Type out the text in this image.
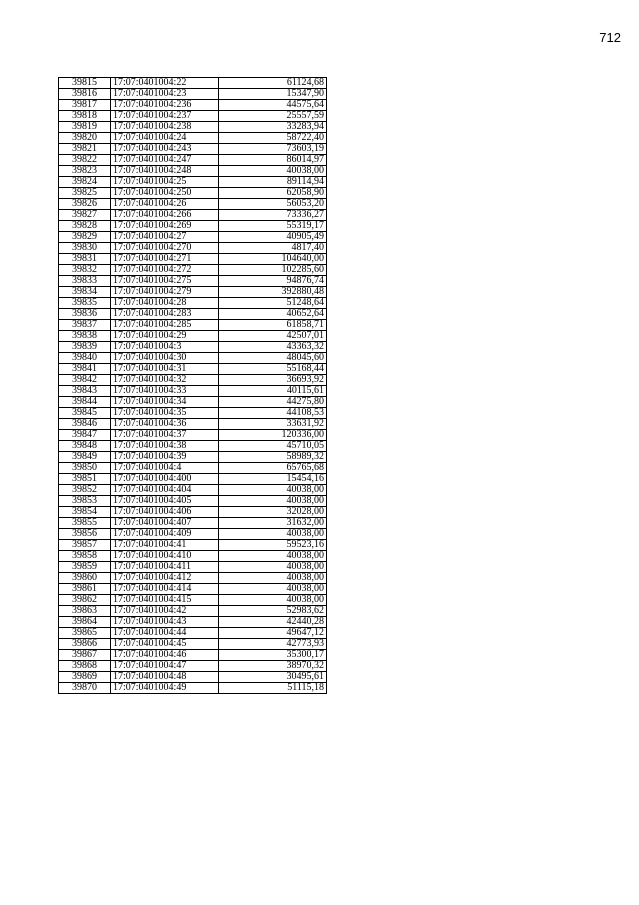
712
39815	17:07:0401004:22	61124,68
39816	17:07:0401004:23	15347,90
39817	17:07:0401004:236	44575,64
39818	17:07:0401004:237	25557,59
39819	17:07:0401004:238	33283,94
39820	17:07:0401004:24	58722,40
39821	17:07:0401004:243	73603,19
39822	17:07:0401004:247	86014,97
39823	17:07:0401004:248	40038,00
39824	17:07:0401004:25	89114,94
39825	17:07:0401004:250	62058,90
39826	17:07:0401004:26	56053,20
39827	17:07:0401004:266	73336,27
39828	17:07:0401004:269	55319,17
39829	17:07:0401004:27	40905,49
39830	17:07:0401004:270	4817,40
39831	17:07:0401004:271	104640,00
39832	17:07:0401004:272	102285,60
39833	17:07:0401004:275	94876,74
39834	17:07:0401004:279	392880,48
39835	17:07:0401004:28	51248,64
39836	17:07:0401004:283	40652,64
39837	17:07:0401004:285	61858,71
39838	17:07:0401004:29	42507,01
39839	17:07:0401004:3	43363,32
39840	17:07:0401004:30	48045,60
39841	17:07:0401004:31	55168,44
39842	17:07:0401004:32	36693,92
39843	17:07:0401004:33	40115,61
39844	17:07:0401004:34	44275,80
39845	17:07:0401004:35	44108,53
39846	17:07:0401004:36	33631,92
39847	17:07:0401004:37	120336,00
39848	17:07:0401004:38	45710,05
39849	17:07:0401004:39	58989,32
39850	17:07:0401004:4	65765,68
39851	17:07:0401004:400	15454,16
39852	17:07:0401004:404	40038,00
39853	17:07:0401004:405	40038,00
39854	17:07:0401004:406	32028,00
39855	17:07:0401004:407	31632,00
39856	17:07:0401004:409	40038,00
39857	17:07:0401004:41	59523,16
39858	17:07:0401004:410	40038,00
39859	17:07:0401004:411	40038,00
39860	17:07:0401004:412	40038,00
39861	17:07:0401004:414	40038,00
39862	17:07:0401004:415	40038,00
39863	17:07:0401004:42	52983,62
39864	17:07:0401004:43	42440,28
39865	17:07:0401004:44	49647,12
39866	17:07:0401004:45	42773,93
39867	17:07:0401004:46	35300,17
39868	17:07:0401004:47	38970,32
39869	17:07:0401004:48	30495,61
39870	17:07:0401004:49	51115,18
